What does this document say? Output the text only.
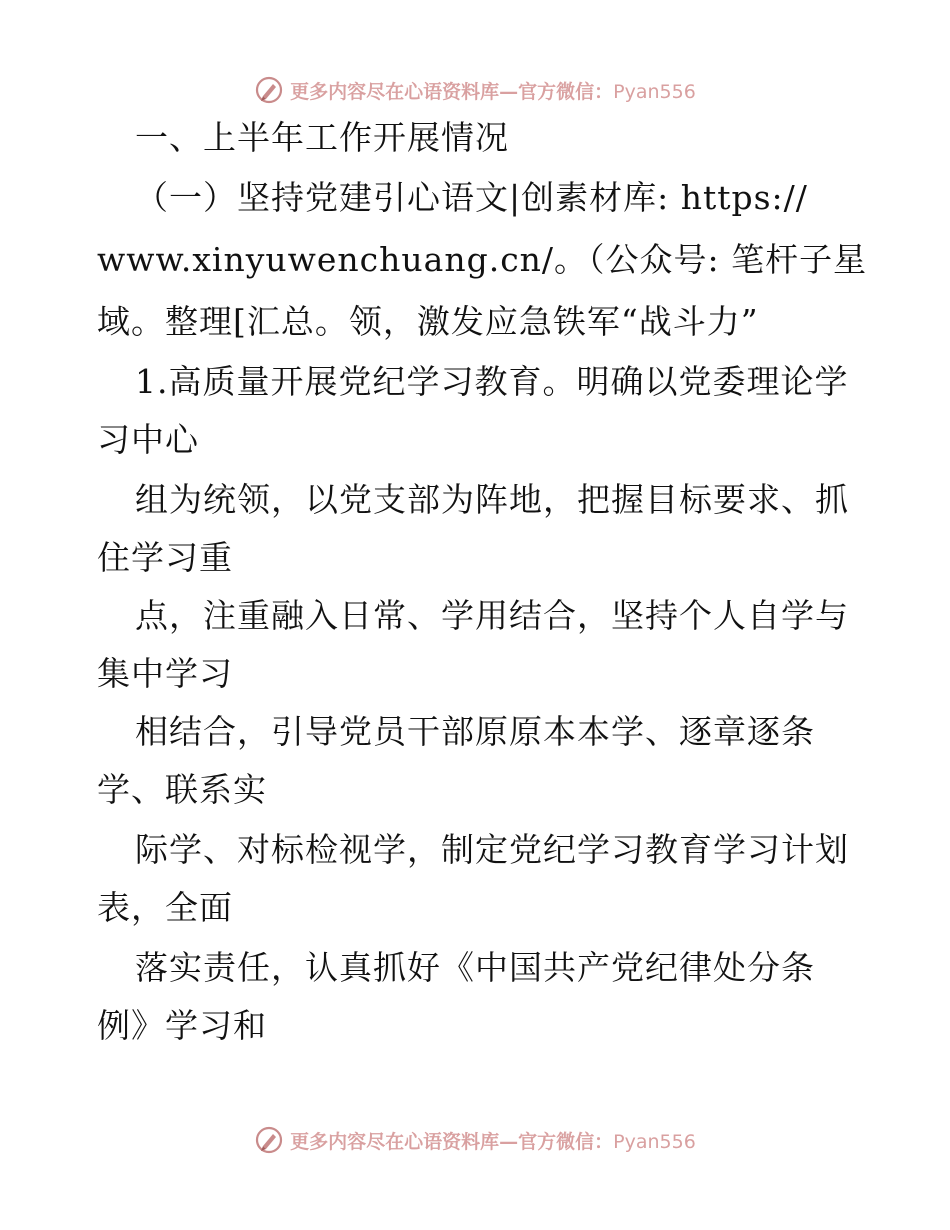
更多内容尽在心语资料库—官方微信：Pyan556
一、上半年工作开展情况
（一）坚持党建引心语文|创素材库: https://
www.xinyuwenchuang.cn/。（公众号: 笔杆子星
域。整理[汇总。领，激发应急铁军“战斗力”
1.高质量开展党纪学习教育。明确以党委理论学
习中心
组为统领，以党支部为阵地，把握目标要求、抓
住学习重
点，注重融入日常、学用结合，坚持个人自学与
集中学习
相结合，引导党员干部原原本本学、逐章逐条
学、联系实
际学、对标检视学，制定党纪学习教育学习计划
表，全面
落实责任，认真抓好《中国共产党纪律处分条
例》学习和
更多内容尽在心语资料库—官方微信：Pyan556
